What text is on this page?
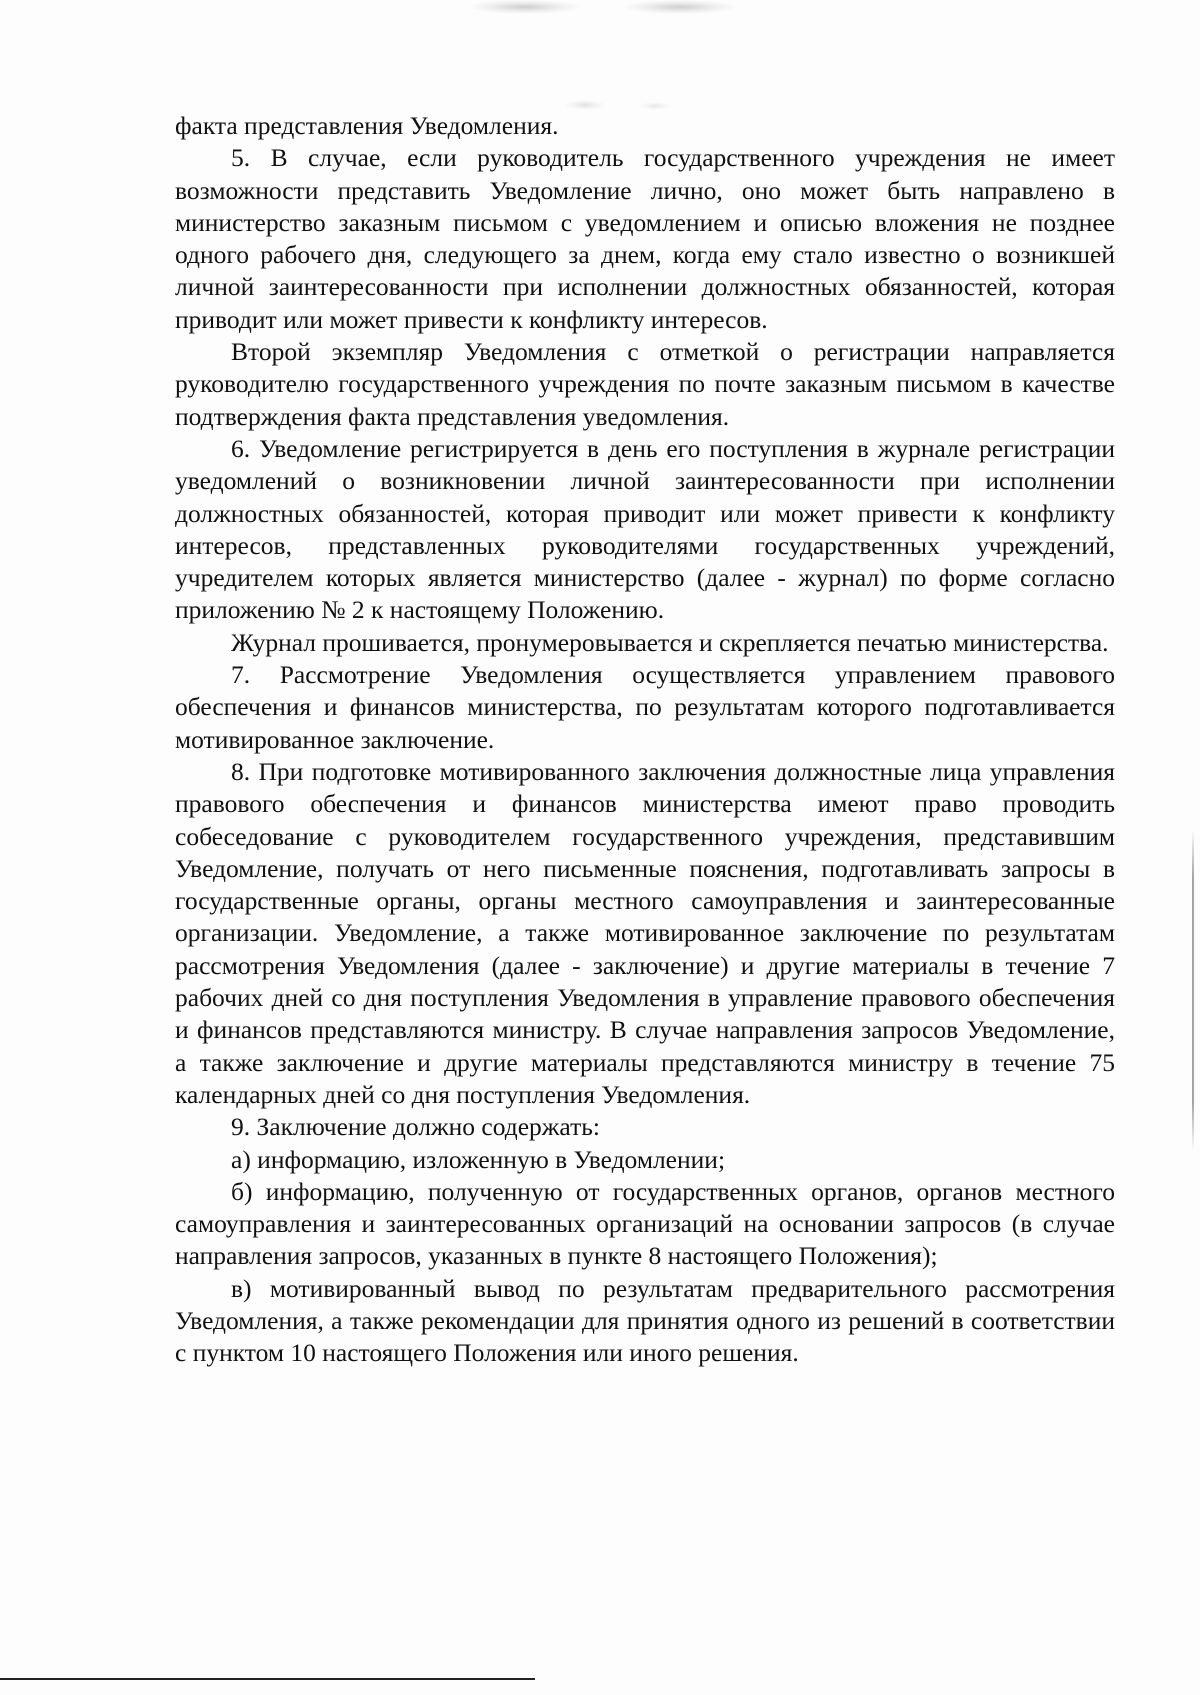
факта представления Уведомления.

5. В случае, если руководитель государственного учреждения не имеет возможности представить Уведомление лично, оно может быть направлено в министерство заказным письмом с уведомлением и описью вложения не позднее одного рабочего дня, следующего за днем, когда ему стало известно о возникшей личной заинтересованности при исполнении должностных обязанностей, которая приводит или может привести к конфликту интересов.

Второй экземпляр Уведомления с отметкой о регистрации направляется руководителю государственного учреждения по почте заказным письмом в качестве подтверждения факта представления уведомления.

6. Уведомление регистрируется в день его поступления в журнале регистрации уведомлений о возникновении личной заинтересованности при исполнении должностных обязанностей, которая приводит или может привести к конфликту интересов, представленных руководителями государственных учреждений, учредителем которых является министерство (далее - журнал) по форме согласно приложению № 2 к настоящему Положению.

Журнал прошивается, пронумеровывается и скрепляется печатью министерства.

7. Рассмотрение Уведомления осуществляется управлением правового обеспечения и финансов министерства, по результатам которого подготавливается мотивированное заключение.

8. При подготовке мотивированного заключения должностные лица управления правового обеспечения и финансов министерства имеют право проводить собеседование с руководителем государственного учреждения, представившим Уведомление, получать от него письменные пояснения, подготавливать запросы в государственные органы, органы местного самоуправления и заинтересованные организации. Уведомление, а также мотивированное заключение по результатам рассмотрения Уведомления (далее - заключение) и другие материалы в течение 7 рабочих дней со дня поступления Уведомления в управление правового обеспечения и финансов представляются министру. В случае направления запросов Уведомление, а также заключение и другие материалы представляются министру в течение 75 календарных дней со дня поступления Уведомления.

9. Заключение должно содержать:

а) информацию, изложенную в Уведомлении;

б) информацию, полученную от государственных органов, органов местного самоуправления и заинтересованных организаций на основании запросов (в случае направления запросов, указанных в пункте 8 настоящего Положения);

в) мотивированный вывод по результатам предварительного рассмотрения Уведомления, а также рекомендации для принятия одного из решений в соответствии с пунктом 10 настоящего Положения или иного решения.
